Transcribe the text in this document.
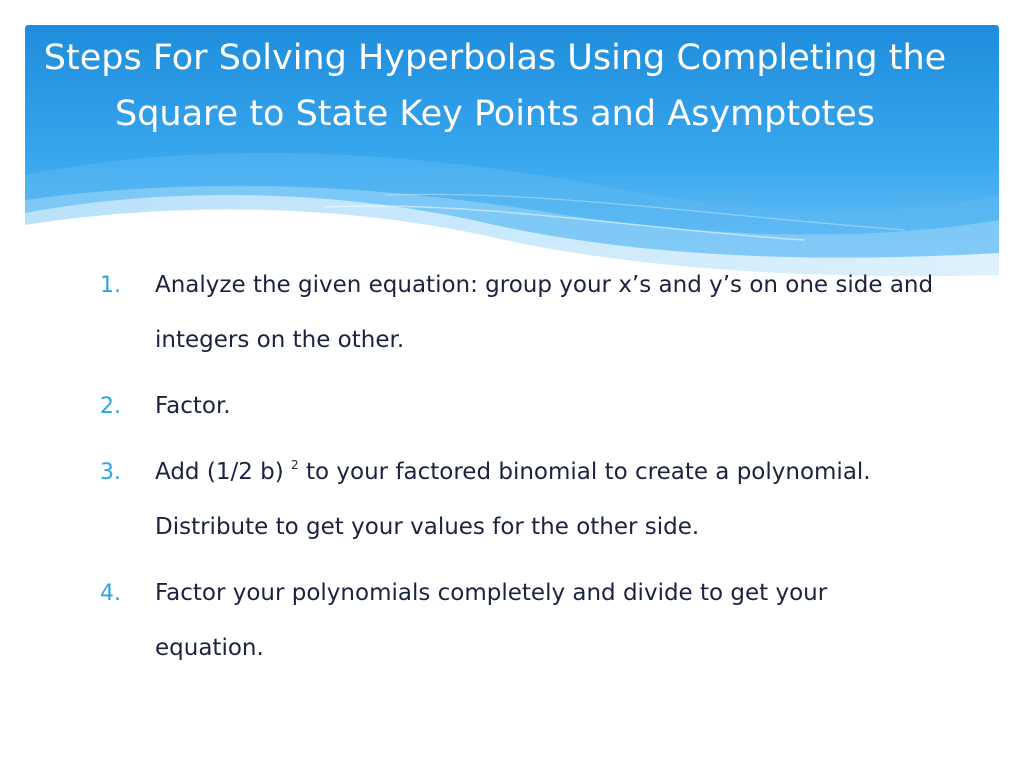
Steps For Solving Hyperbolas Using Completing the Square to State Key Points and Asymptotes
1. Analyze the given equation: group your x’s and y’s on one side and integers on the other.
2. Factor.
3. Add (1/2 b) $^2$ to your factored binomial to create a polynomial. Distribute to get your values for the other side.
4. Factor your polynomials completely and divide to get your equation.
